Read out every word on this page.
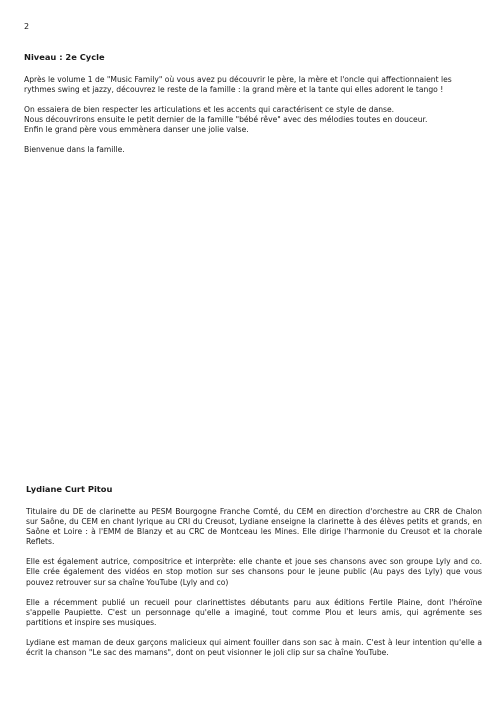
2
Niveau : 2e Cycle

Après le volume 1 de "Music Family" où vous avez pu découvrir le père, la mère et l'oncle qui affectionnaient les rythmes swing et jazzy, découvrez le reste de la famille : la grand mère et la tante qui elles adorent le tango !

On essaiera de bien respecter les articulations et les accents qui caractérisent ce style de danse.
Nous découvrirons ensuite le petit dernier de la famille "bébé rêve" avec des mélodies toutes en douceur.
Enfin le grand père vous emmènera danser une jolie valse.

Bienvenue dans la famille.

Lydiane Curt Pitou

Titulaire du DE de clarinette au PESM Bourgogne Franche Comté, du CEM en direction d'orchestre au CRR de Chalon sur Saône, du CEM en chant lyrique au CRI du Creusot, Lydiane enseigne la clarinette à des élèves petits et grands, en Saône et Loire : à l'EMM de Blanzy et au CRC de Montceau les Mines. Elle dirige l'harmonie du Creusot et la chorale Reflets.

Elle est également autrice, compositrice et interprète: elle chante et joue ses chansons avec son groupe Lyly and co. Elle crée également des vidéos en stop motion sur ses chansons pour le jeune public (Au pays des Lyly) que vous pouvez retrouver sur sa chaîne YouTube (Lyly and co)

Elle a récemment publié un recueil pour clarinettistes débutants paru aux éditions Fertile Plaine, dont l'héroïne s'appelle Paupiette. C'est un personnage qu'elle a imaginé, tout comme Plou et leurs amis, qui agrémente ses partitions et inspire ses musiques.

Lydiane est maman de deux garçons malicieux qui aiment fouiller dans son sac à main. C'est à leur intention qu'elle a écrit la chanson "Le sac des mamans", dont on peut visionner le joli clip sur sa chaîne YouTube.
